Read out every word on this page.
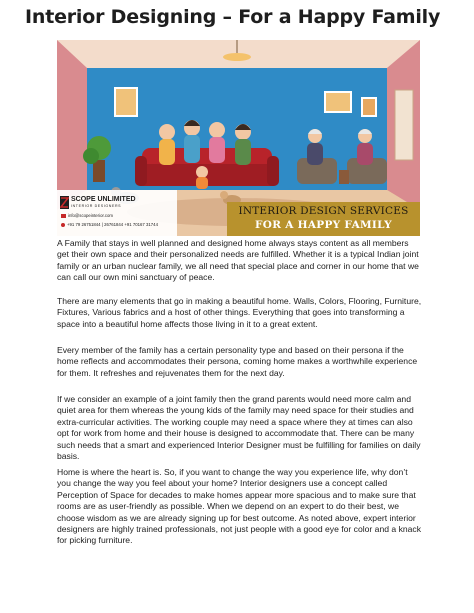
Interior Designing – For a Happy Family
SCOPE UNLIMITED
INTERIOR DESIGNERS
info@scopeinterior.com
+91 79 26751844 | 26761844 +91 70167 31744
INTERIOR DESIGN SERVICES
FOR A HAPPY FAMILY

A Family that stays in well planned and designed home always stays content as all members get their own space and their personalized needs are fulfilled. Whether it is a typical Indian joint family or an urban nuclear family, we all need that special place and corner in our home that we can call our own mini sanctuary of peace.

There are many elements that go in making a beautiful home. Walls, Colors, Flooring, Furniture, Fixtures, Various fabrics and a host of other things. Everything that goes into transforming a space into a beautiful home affects those living in it to a great extent.

Every member of the family has a certain personality type and based on their persona if the home reflects and accommodates their persona, coming home makes a worthwhile experience for them. It refreshes and rejuvenates them for the next day.

If we consider an example of a joint family then the grand parents would need more calm and quiet area for them whereas the young kids of the family may need space for their studies and extra-curricular activities. The working couple may need a space where they at times can also opt for work from home and their house is designed to accommodate that. There can be many such needs that a smart and experienced Interior Designer must be fulfilling for families on daily basis.

Home is where the heart is. So, if you want to change the way you experience life, why don’t you change the way you feel about your home? Interior designers use a concept called Perception of Space for decades to make homes appear more spacious and to make sure that rooms are as user-friendly as possible. When we depend on an expert to do their best, we choose wisdom as we are already signing up for best outcome. As noted above, expert interior designers are highly trained professionals, not just people with a good eye for color and a knack for picking furniture.
